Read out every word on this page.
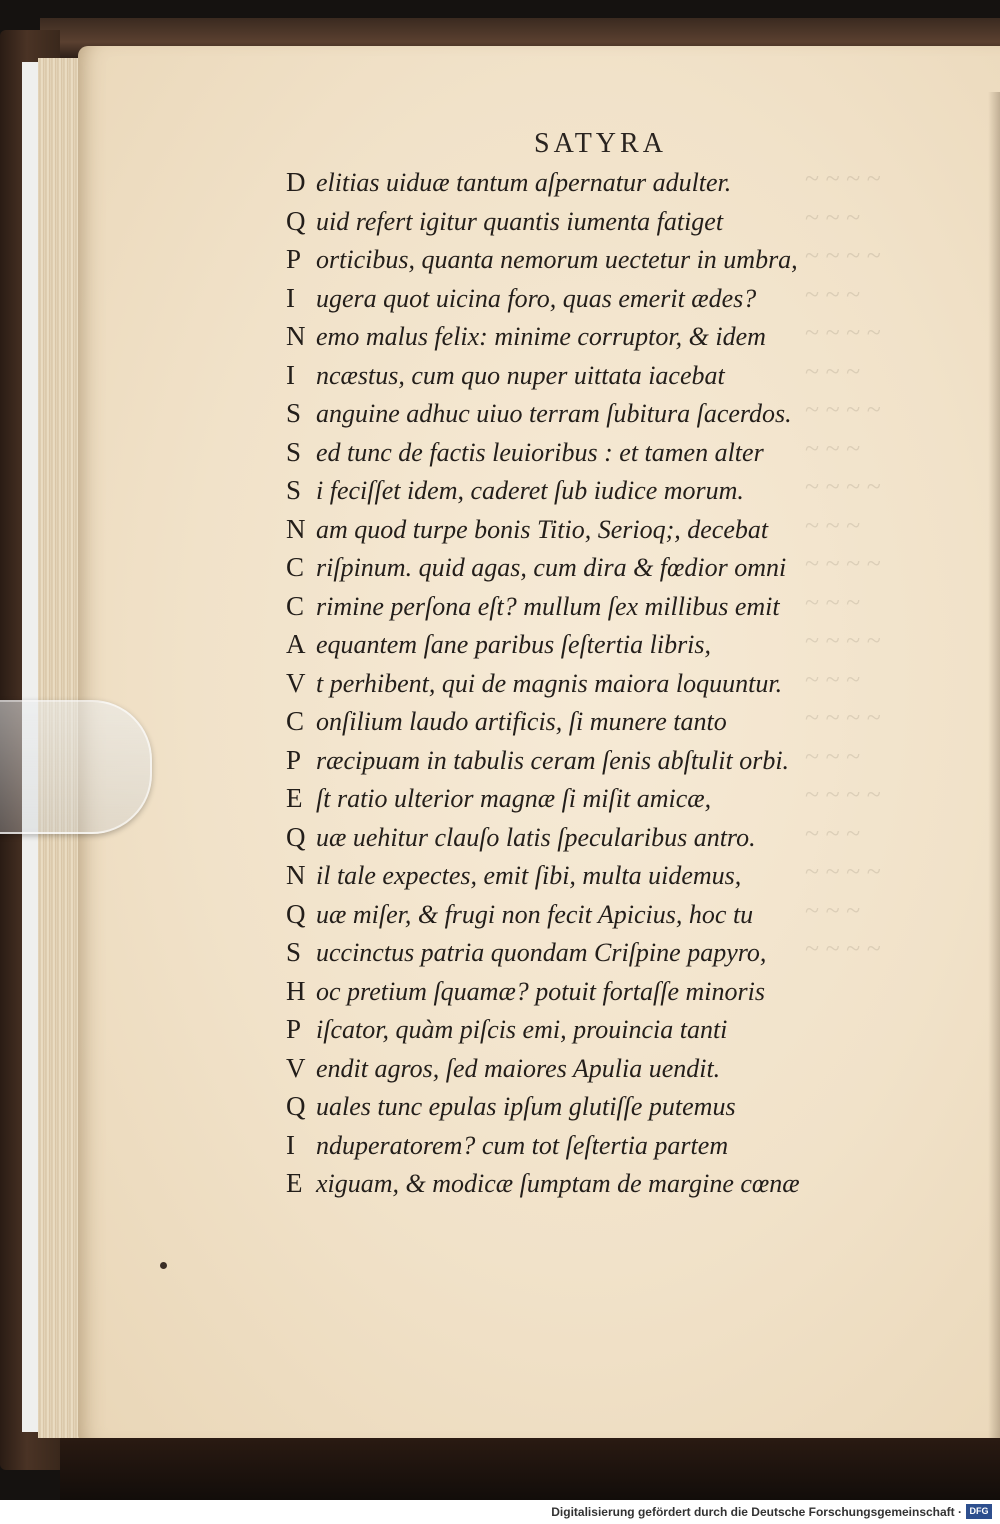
~ ~ ~ ~
~ ~ ~
~ ~ ~ ~
~ ~ ~
~ ~ ~ ~
~ ~ ~
~ ~ ~ ~
~ ~ ~
~ ~ ~ ~
~ ~ ~
~ ~ ~ ~
~ ~ ~
~ ~ ~ ~
~ ~ ~
~ ~ ~ ~
~ ~ ~
~ ~ ~ ~
~ ~ ~
~ ~ ~ ~
~ ~ ~
~ ~ ~ ~
SATYRA
D elitias uiduæ tantum aſpernatur adulter.
Q uid refert igitur quantis iumenta fatiget
P orticibus, quanta nemorum uectetur in umbra,
I ugera quot uicina foro, quas emerit ædes?
N emo malus felix: minime corruptor, & idem
I ncæstus, cum quo nuper uittata iacebat
S anguine adhuc uiuo terram ſubitura ſacerdos.
S ed tunc de factis leuioribus : et tamen alter
S i feciſſet idem, caderet ſub iudice morum.
N am quod turpe bonis Titio, Serioq;, decebat
C riſpinum. quid agas, cum dira & fœdior omni
C rimine perſona eſt? mullum ſex millibus emit
A equantem ſane paribus ſeſtertia libris,
V t perhibent, qui de magnis maiora loquuntur.
C onſilium laudo artificis, ſi munere tanto
P ræcipuam in tabulis ceram ſenis abſtulit orbi.
E ſt ratio ulterior magnæ ſi miſit amicæ,
Q uæ uehitur clauſo latis ſpecularibus antro.
N il tale expectes, emit ſibi, multa uidemus,
Q uæ miſer, & frugi non fecit Apicius, hoc tu
S uccinctus patria quondam Criſpine papyro,
H oc pretium ſquamæ? potuit fortaſſe minoris
P iſcator, quàm piſcis emi, prouincia tanti
V endit agros, ſed maiores Apulia uendit.
Q uales tunc epulas ipſum glutiſſe putemus
I nduperatorem? cum tot ſeſtertia partem
E xiguam, & modicæ ſumptam de margine cœnæ
Digitalisierung gefördert durch die Deutsche Forschungsgemeinschaft · DFG
